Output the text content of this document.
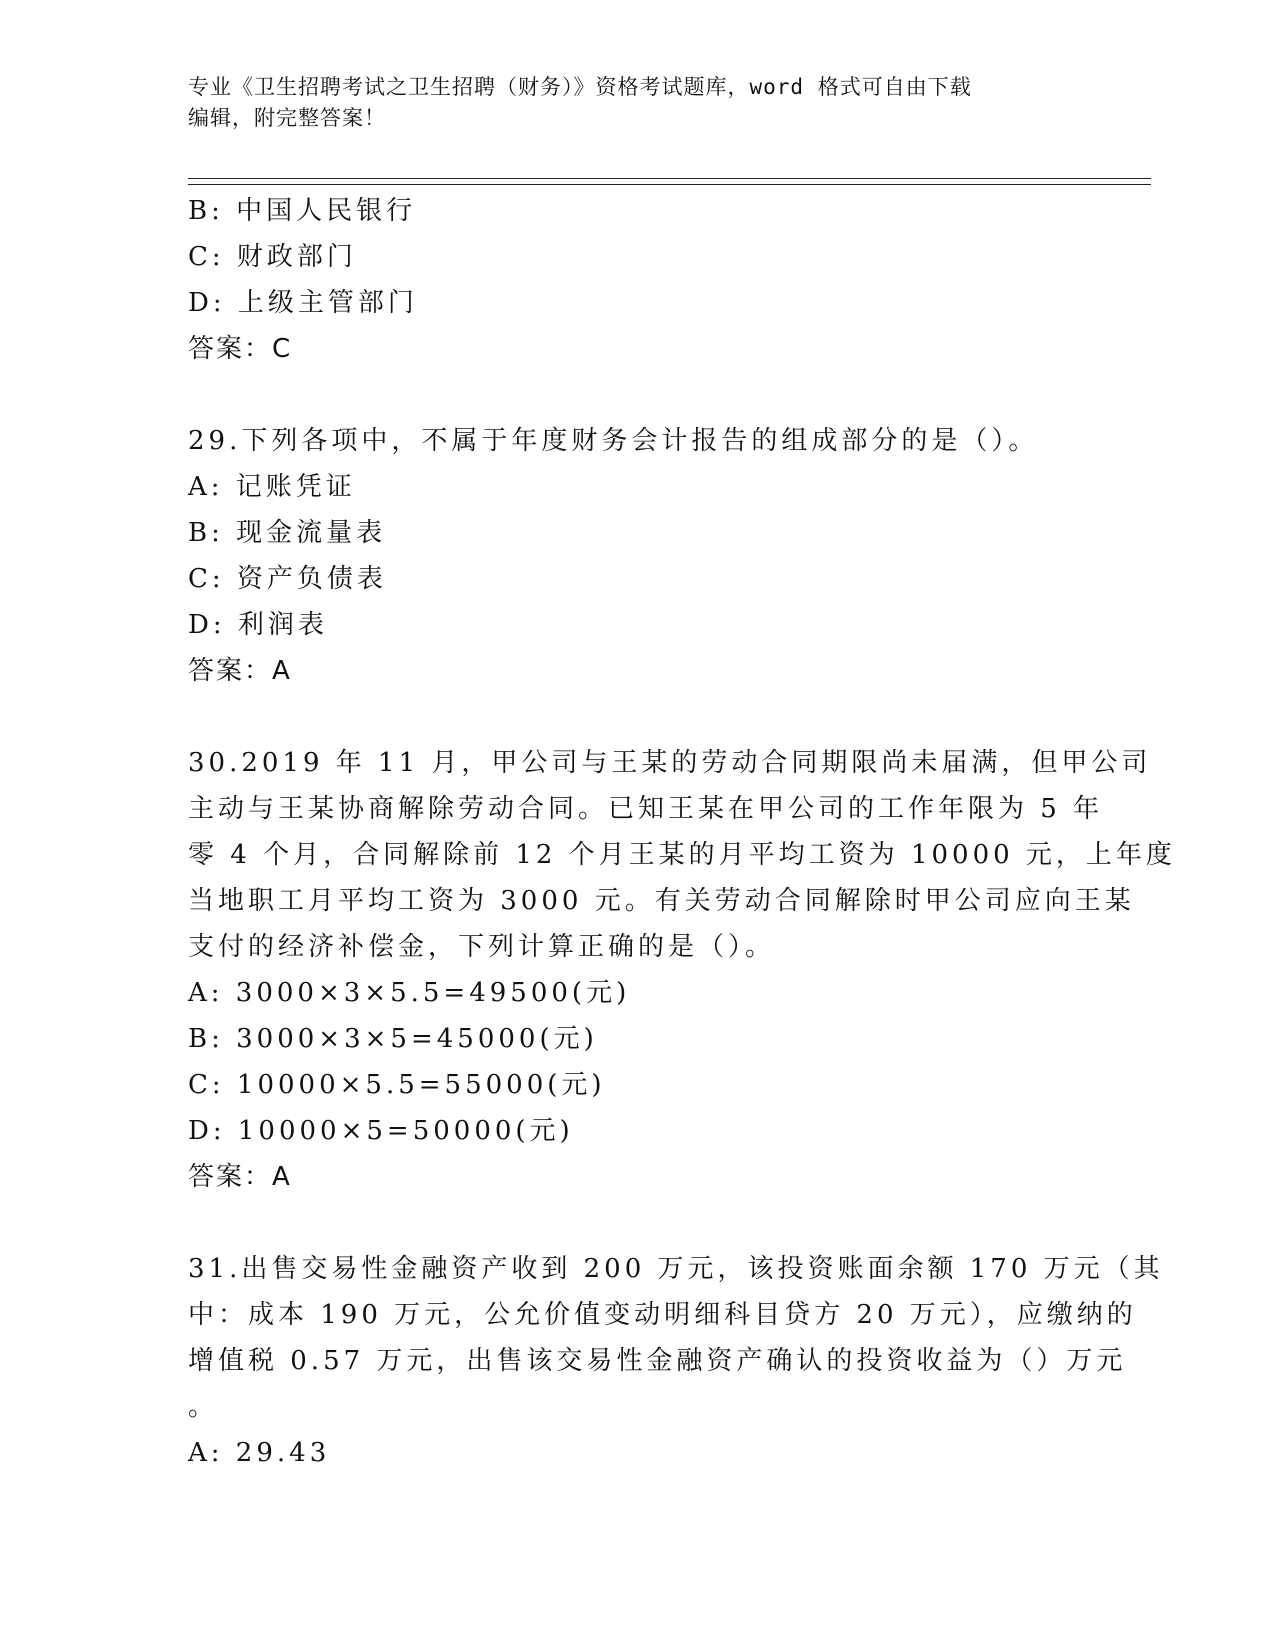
专业《卫生招聘考试之卫生招聘（财务）》资格考试题库，word 格式可自由下载
编辑，附完整答案！
B: 中国人民银行
C: 财政部门
D: 上级主管部门
答案：C
29.下列各项中，不属于年度财务会计报告的组成部分的是（）。
A: 记账凭证
B: 现金流量表
C: 资产负债表
D: 利润表
答案：A
30.2019 年 11 月，甲公司与王某的劳动合同期限尚未届满，但甲公司
主动与王某协商解除劳动合同。已知王某在甲公司的工作年限为 5 年
零 4 个月，合同解除前 12 个月王某的月平均工资为 10000 元，上年度
当地职工月平均工资为 3000 元。有关劳动合同解除时甲公司应向王某
支付的经济补偿金，下列计算正确的是（）。
A: 3000×3×5.5=49500(元)
B: 3000×3×5=45000(元)
C: 10000×5.5=55000(元)
D: 10000×5=50000(元)
答案：A
31.出售交易性金融资产收到 200 万元，该投资账面余额 170 万元（其
中：成本 190 万元，公允价值变动明细科目贷方 20 万元），应缴纳的
增值税 0.57 万元，出售该交易性金融资产确认的投资收益为（）万元
。
A: 29.43
